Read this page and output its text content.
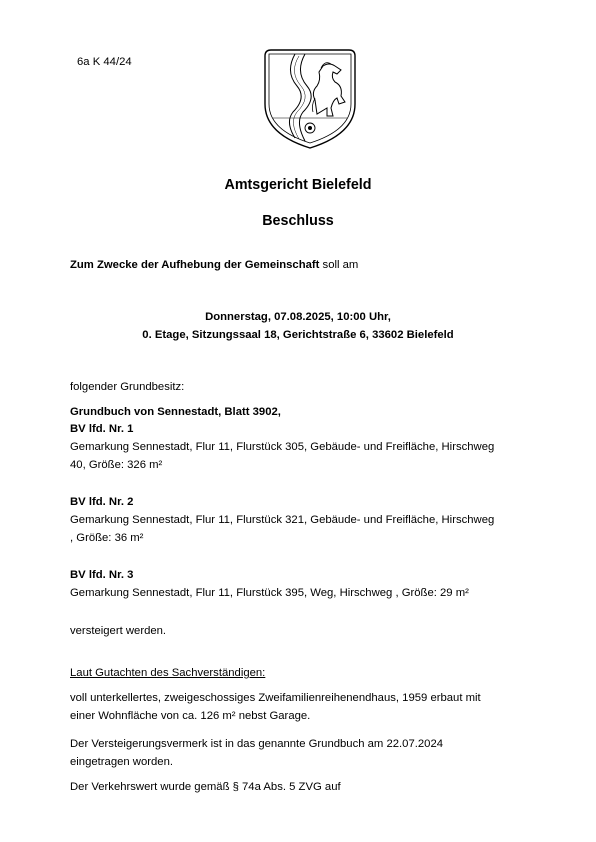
6a K 44/24
Amtsgericht Bielefeld
Beschluss
Zum Zwecke der Aufhebung der Gemeinschaft soll am
Donnerstag, 07.08.2025, 10:00 Uhr,
0. Etage, Sitzungssaal 18, Gerichtstraße 6, 33602 Bielefeld
folgender Grundbesitz:
Grundbuch von Sennestadt, Blatt 3902,
BV lfd. Nr. 1
Gemarkung Sennestadt, Flur 11, Flurstück 305, Gebäude- und Freifläche, Hirschweg
40, Größe: 326 m²
BV lfd. Nr. 2
Gemarkung Sennestadt, Flur 11, Flurstück 321, Gebäude- und Freifläche, Hirschweg
, Größe: 36 m²
BV lfd. Nr. 3
Gemarkung Sennestadt, Flur 11, Flurstück 395, Weg, Hirschweg , Größe: 29 m²
versteigert werden.
Laut Gutachten des Sachverständigen:
voll unterkellertes, zweigeschossiges Zweifamilienreihenendhaus, 1959 erbaut mit
einer Wohnfläche von ca. 126 m² nebst Garage.
Der Versteigerungsvermerk ist in das genannte Grundbuch am 22.07.2024
eingetragen worden.
Der Verkehrswert wurde gemäß § 74a Abs. 5 ZVG auf
